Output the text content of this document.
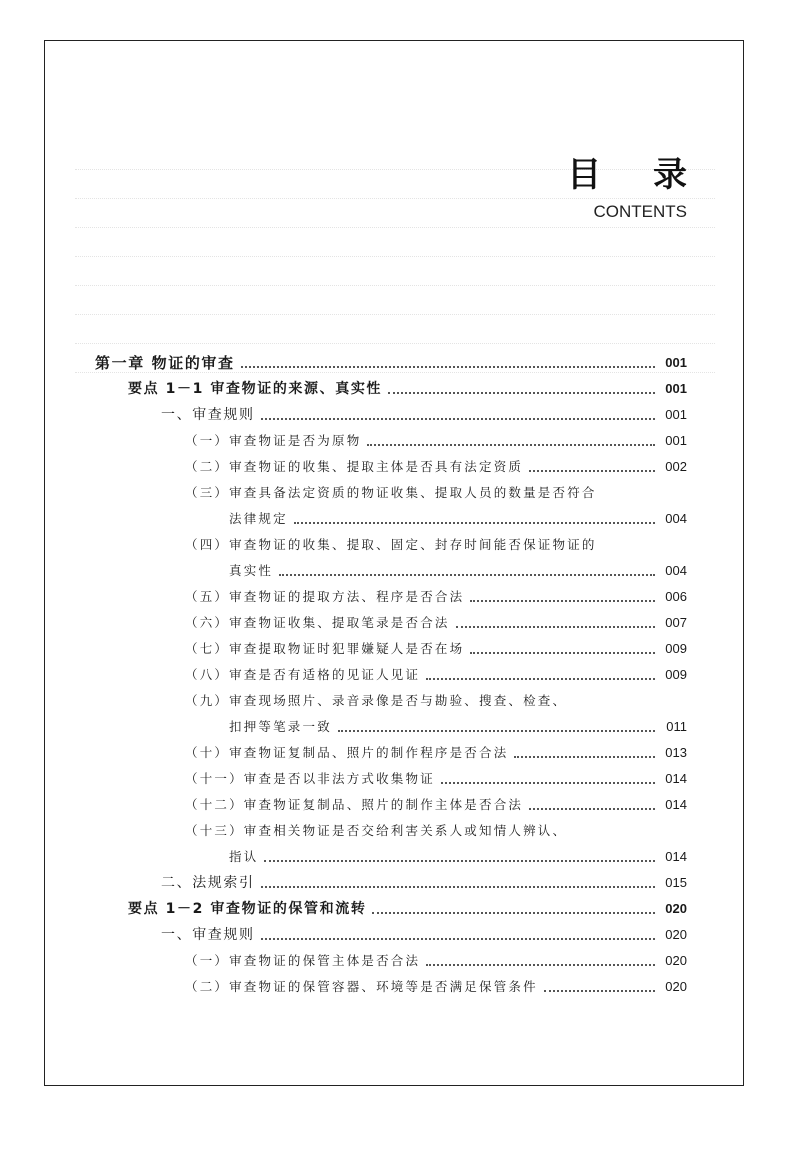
目 录
CONTENTS
第一章 物证的审查	001
要点 1－1 审查物证的来源、真实性	001
一、审查规则	001
（一）审查物证是否为原物	001
（二）审查物证的收集、提取主体是否具有法定资质	002
（三）审查具备法定资质的物证收集、提取人员的数量是否符合
法律规定	004
（四）审查物证的收集、提取、固定、封存时间能否保证物证的
真实性	004
（五）审查物证的提取方法、程序是否合法	006
（六）审查物证收集、提取笔录是否合法	007
（七）审查提取物证时犯罪嫌疑人是否在场	009
（八）审查是否有适格的见证人见证	009
（九）审查现场照片、录音录像是否与勘验、搜查、检查、
扣押等笔录一致	011
（十）审查物证复制品、照片的制作程序是否合法	013
（十一）审查是否以非法方式收集物证	014
（十二）审查物证复制品、照片的制作主体是否合法	014
（十三）审查相关物证是否交给利害关系人或知情人辨认、
指认	014
二、法规索引	015
要点 1－2 审查物证的保管和流转	020
一、审查规则	020
（一）审查物证的保管主体是否合法	020
（二）审查物证的保管容器、环境等是否满足保管条件	020
